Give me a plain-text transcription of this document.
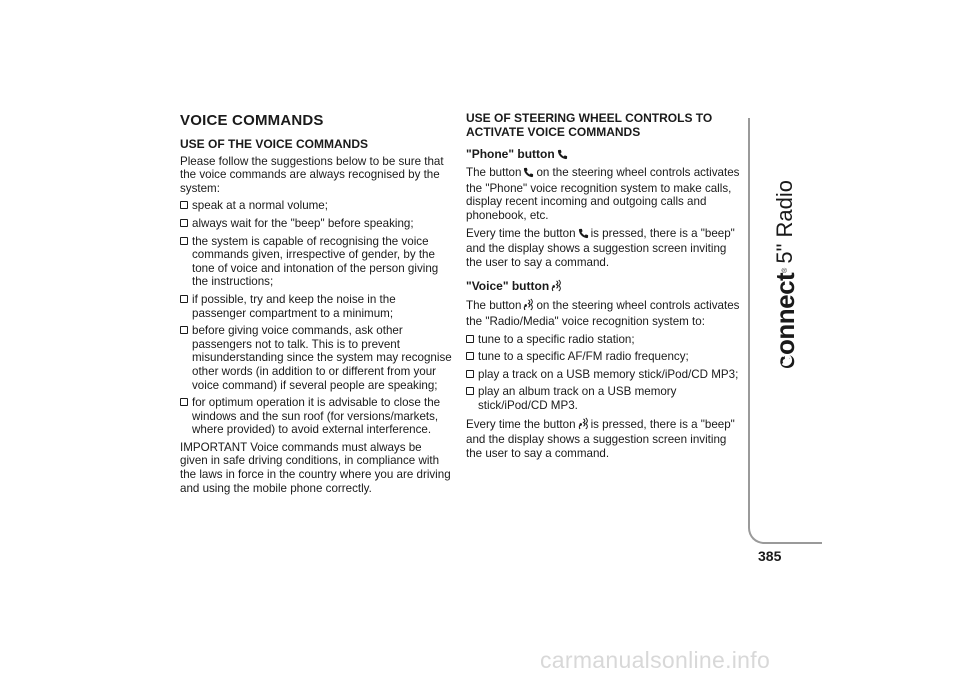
VOICE COMMANDS
USE OF THE VOICE COMMANDS

Please follow the suggestions below to be sure that the voice commands are always recognised by the system:

speak at a normal volume;
always wait for the "beep" before speaking;
the system is capable of recognising the voice commands given, irrespective of gender, by the tone of voice and intonation of the person giving the instructions;
if possible, try and keep the noise in the passenger compartment to a minimum;
before giving voice commands, ask other passengers not to talk. This is to prevent misunderstanding since the system may recognise other words (in addition to or different from your voice command) if several people are speaking;
for optimum operation it is advisable to close the windows and the sun roof (for versions/markets, where provided) to avoid external interference.

IMPORTANT Voice commands must always be given in safe driving conditions, in compliance with the laws in force in the country where you are driving and using the mobile phone correctly.

USE OF STEERING WHEEL CONTROLS TO ACTIVATE VOICE COMMANDS
"Phone" button

The button on the steering wheel controls activates the "Phone" voice recognition system to make calls, display recent incoming and outgoing calls and phonebook, etc.

Every time the button is pressed, there is a "beep" and the display shows a suggestion screen inviting the user to say a command.

"Voice" button

The button on the steering wheel controls activates the "Radio/Media" voice recognition system to:

tune to a specific radio station;
tune to a specific AF/FM radio frequency;
play a track on a USB memory stick/iPod/CD MP3;
play an album track on a USB memory stick/iPod/CD MP3.

Every time the button is pressed, there is a "beep" and the display shows a suggestion screen inviting the user to say a command.

connect
®
5" Radio
385
carmanualsonline.info
